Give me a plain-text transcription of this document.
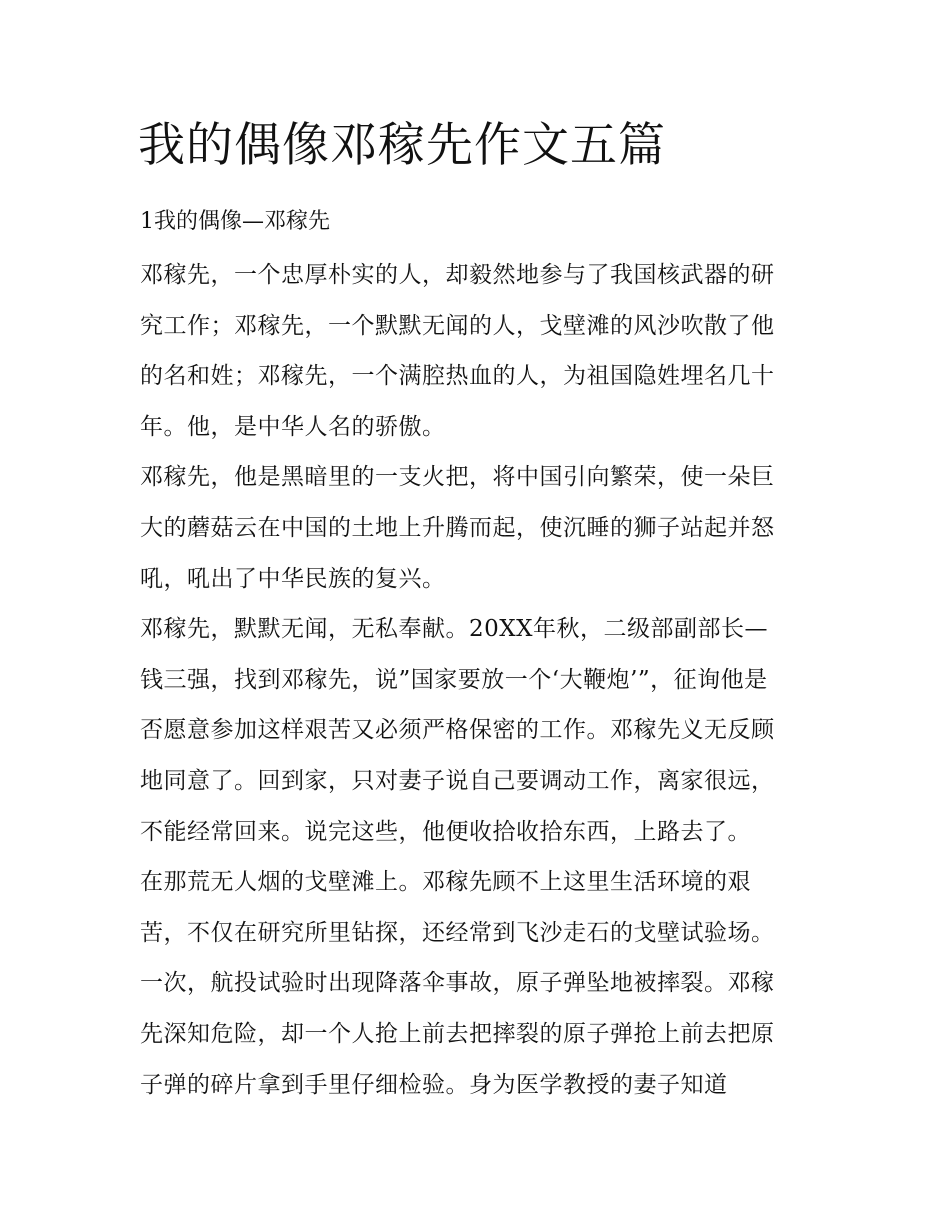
我的偶像邓稼先作文五篇
1我的偶像—邓稼先
邓稼先，一个忠厚朴实的人，却毅然地参与了我国核武器的研
究工作；邓稼先，一个默默无闻的人，戈壁滩的风沙吹散了他
的名和姓；邓稼先，一个满腔热血的人，为祖国隐姓埋名几十
年。他，是中华人名的骄傲。
邓稼先，他是黑暗里的一支火把，将中国引向繁荣，使一朵巨
大的蘑菇云在中国的土地上升腾而起，使沉睡的狮子站起并怒
吼，吼出了中华民族的复兴。
邓稼先，默默无闻，无私奉献。20XX年秋，二级部副部长—
钱三强，找到邓稼先，说”国家要放一个‘大鞭炮’”，征询他是
否愿意参加这样艰苦又必须严格保密的工作。邓稼先义无反顾
地同意了。回到家，只对妻子说自己要调动工作，离家很远，
不能经常回来。说完这些，他便收拾收拾东西，上路去了。
在那荒无人烟的戈壁滩上。邓稼先顾不上这里生活环境的艰
苦，不仅在研究所里钻探，还经常到飞沙走石的戈壁试验场。
一次，航投试验时出现降落伞事故，原子弹坠地被摔裂。邓稼
先深知危险，却一个人抢上前去把摔裂的原子弹抢上前去把原
子弹的碎片拿到手里仔细检验。身为医学教授的妻子知道
